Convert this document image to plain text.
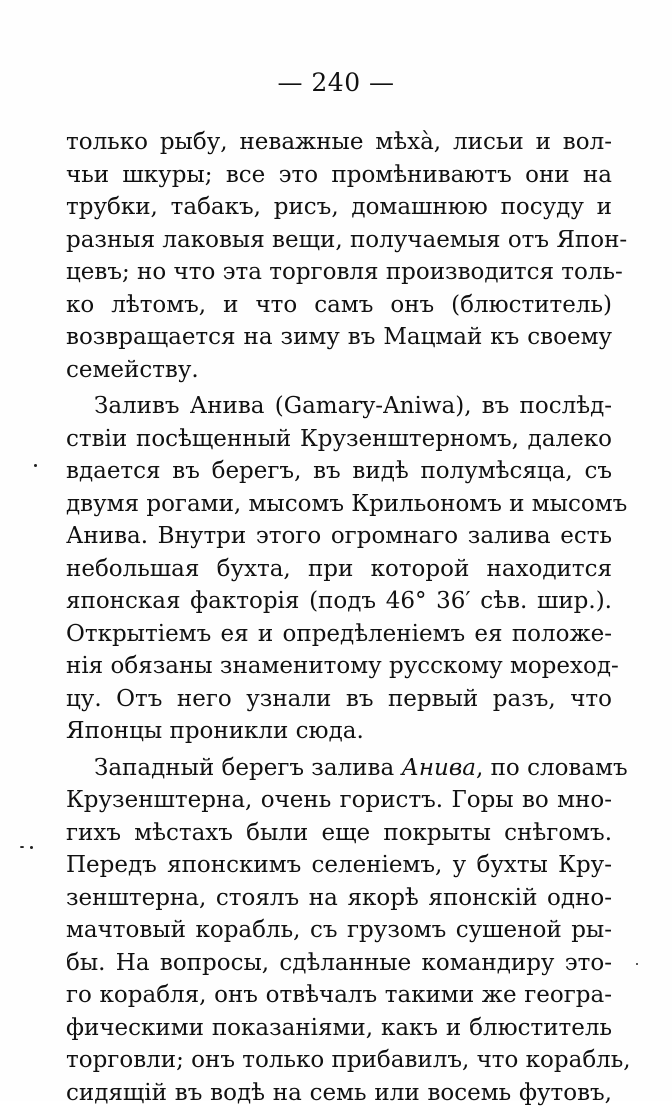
— 240 —
только рыбу, неважные мѣха̀, лисьи и вол-
чьи шкуры; все это промѣниваютъ они на
трубки, табакъ, рисъ, домашнюю посуду и
разныя лаковыя вещи, получаемыя отъ Япон-
цевъ; но что эта торговля производится толь-
ко лѣтомъ, и что самъ онъ (блюститель)
возвращается на зиму въ Мацмай къ своему
семейству.
Заливъ Анива (Gamary-Aniwa), въ послѣд-
ствіи посѣщенный Крузенштерномъ, далеко
вдается въ берегъ, въ видѣ полумѣсяца, съ
двумя рогами, мысомъ Крильономъ и мысомъ
Анива. Внутри этого огромнаго залива есть
небольшая бухта, при которой находится
японская факторія (подъ 46° 36′ сѣв. шир.).
Открытіемъ ея и опредѣленіемъ ея положе-
нія обязаны знаменитому русскому мореход-
цу. Отъ него узнали въ первый разъ, что
Японцы проникли сюда.
Западный берегъ залива Анива, по словамъ
Крузенштерна, очень гористъ. Горы во мно-
гихъ мѣстахъ были еще покрыты снѣгомъ.
Передъ японскимъ селеніемъ, у бухты Кру-
зенштерна, стоялъ на якорѣ японскій одно-
мачтовый корабль, съ грузомъ сушеной ры-
бы. На вопросы, сдѣланные командиру это-
го корабля, онъ отвѣчалъ такими же геогра-
фическими показаніями, какъ и блюститель
торговли; онъ только прибавилъ, что корабль,
сидящій въ водѣ на семь или восемь футовъ,
